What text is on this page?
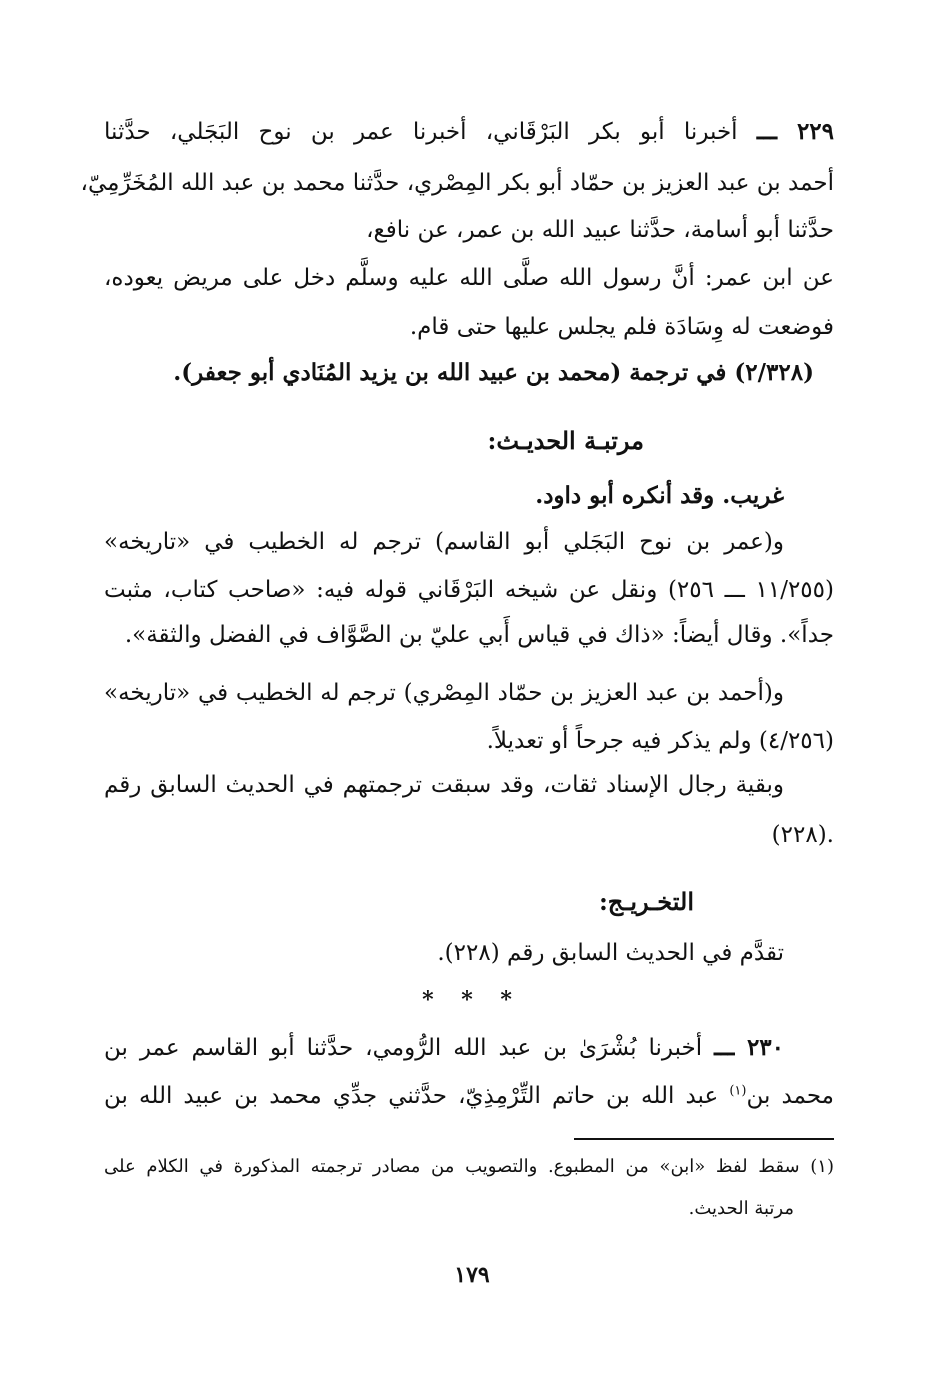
٢٢٩ ـــ أخبرنا أبو بكر البَرْقَاني، أخبرنا عمر بن نوح البَجَلي، حدَّثنا
أحمد بن عبد العزيز بن حمّاد أبو بكر المِصْري، حدَّثنا محمد بن عبد الله المُخَرِّمِيّ،
حدَّثنا أبو أسامة، حدَّثنا عبيد الله بن عمر، عن نافع،
عن ابن عمر: أنَّ رسول الله صلَّى الله عليه وسلَّم دخل على مريض يعوده،
فوضعت له وِسَادَة فلم يجلس عليها حتى قام.
(٢/٣٢٨) في ترجمة (محمد بن عبيد الله بن يزيد المُنَادي أبو جعفر).
مرتبـة الحديـث:
غريب. وقد أنكره أبو داود.
و(عمر بن نوح البَجَلي أبو القاسم) ترجم له الخطيب في «تاريخه»
(١١/٢٥٥ ـــ ٢٥٦) ونقل عن شيخه البَرْقَاني قوله فيه: «صاحب كتاب، مثبت
جداً». وقال أيضاً: «ذاك في قياس أَبي عليّ بن الصَّوَّاف في الفضل والثقة».
و(أحمد بن عبد العزيز بن حمّاد المِصْري) ترجم له الخطيب في «تاريخه»
(٤/٢٥٦) ولم يذكر فيه جرحاً أو تعديلاً.
وبقية رجال الإسناد ثقات، وقد سبقت ترجمتهم في الحديث السابق رقم
(٢٢٨).
التخـريـج:
تقدَّم في الحديث السابق رقم (٢٢٨).
* * *
٢٣٠ ـــ أخبرنا بُشْرَىٰ بن عبد الله الرُّومي، حدَّثنا أبو القاسم عمر بن
محمد بن$^{(١)}$ عبد الله بن حاتم التِّرْمِذِيّ، حدَّثني جدِّي محمد بن عبيد الله بن
(١) سقط لفظ «ابن» من المطبوع. والتصويب من مصادر ترجمته المذكورة في الكلام على
مرتبة الحديث.
١٧٩
